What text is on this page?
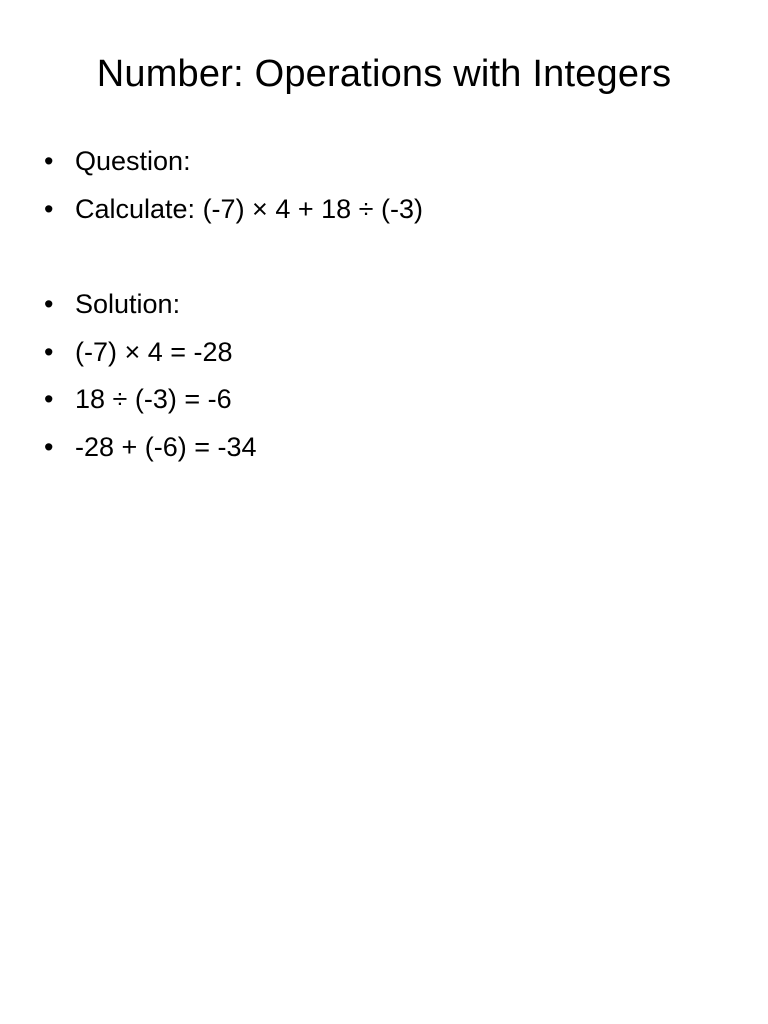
Number: Operations with Integers
• Question:
• Calculate: (-7) × 4 + 18 ÷ (-3)
• Solution:
• (-7) × 4 = -28
• 18 ÷ (-3) = -6
• -28 + (-6) = -34
